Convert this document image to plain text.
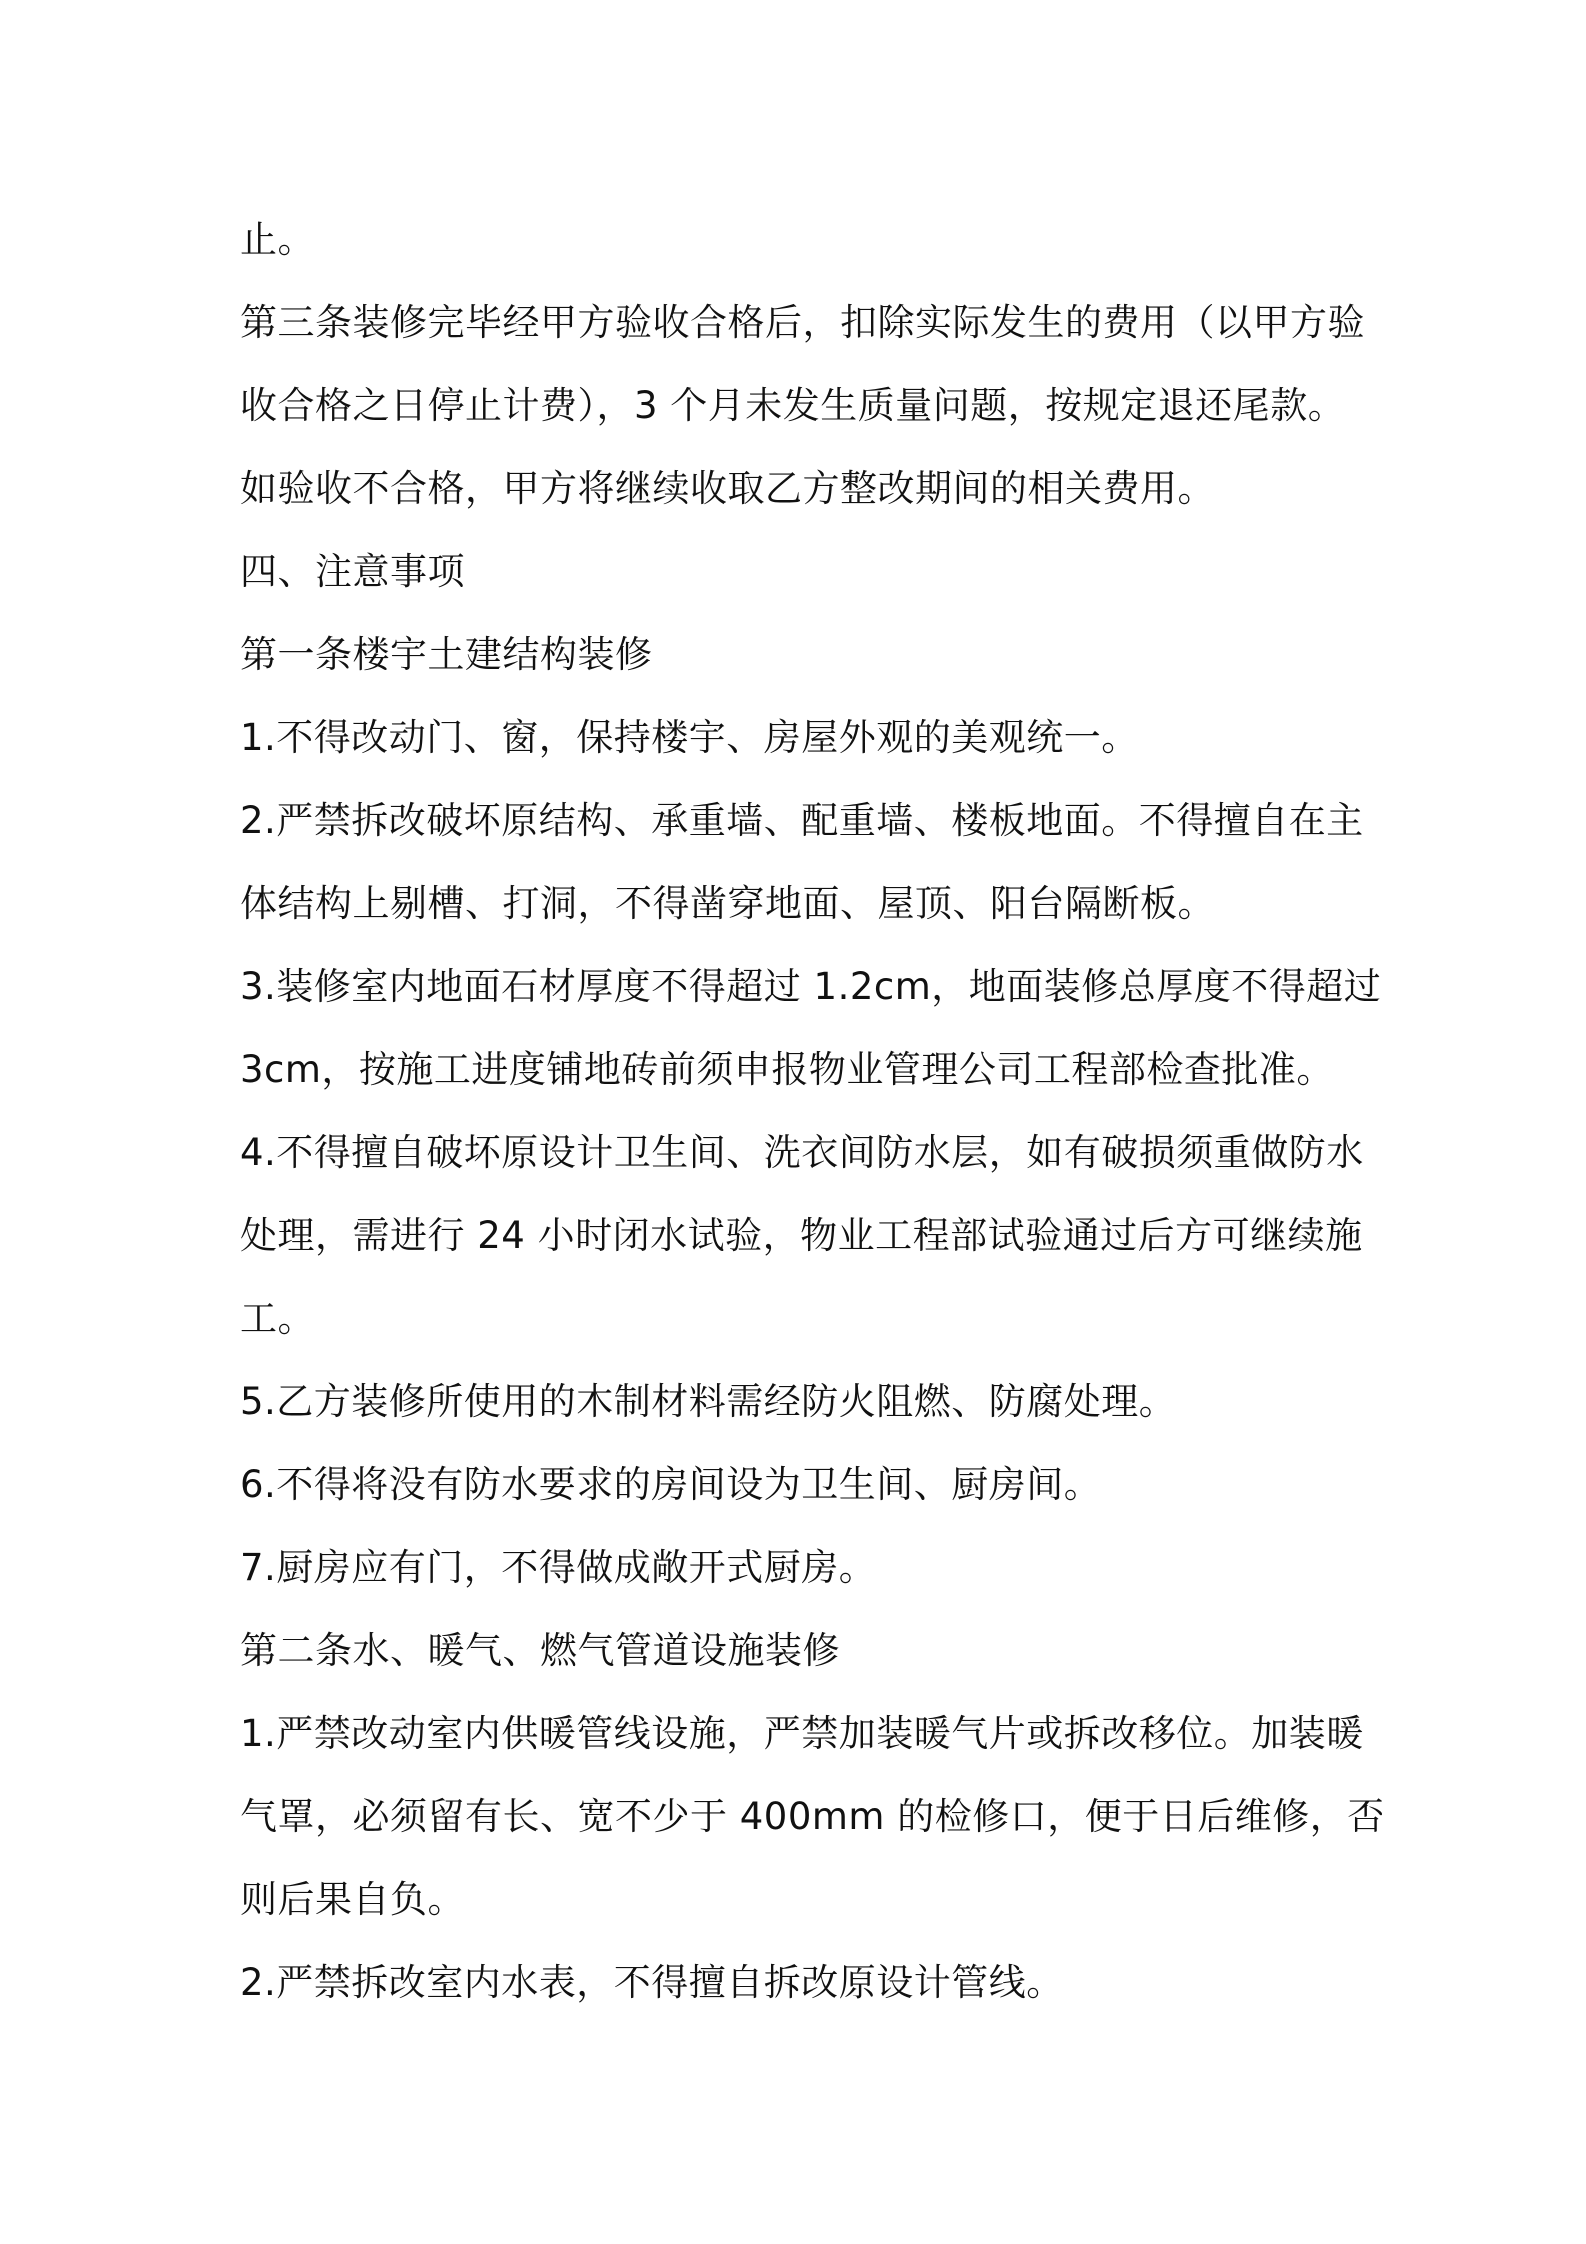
止。
第三条装修完毕经甲方验收合格后，扣除实际发生的费用（以甲方验
收合格之日停止计费），3 个月未发生质量问题，按规定退还尾款。
如验收不合格，甲方将继续收取乙方整改期间的相关费用。
四、注意事项
第一条楼宇土建结构装修
1.不得改动门、窗，保持楼宇、房屋外观的美观统一。
2.严禁拆改破坏原结构、承重墙、配重墙、楼板地面。不得擅自在主
体结构上剔槽、打洞，不得凿穿地面、屋顶、阳台隔断板。
3.装修室内地面石材厚度不得超过 1.2cm，地面装修总厚度不得超过
3cm，按施工进度铺地砖前须申报物业管理公司工程部检查批准。
4.不得擅自破坏原设计卫生间、洗衣间防水层，如有破损须重做防水
处理，需进行 24 小时闭水试验，物业工程部试验通过后方可继续施
工。
5.乙方装修所使用的木制材料需经防火阻燃、防腐处理。
6.不得将没有防水要求的房间设为卫生间、厨房间。
7.厨房应有门，不得做成敞开式厨房。
第二条水、暖气、燃气管道设施装修
1.严禁改动室内供暖管线设施，严禁加装暖气片或拆改移位。加装暖
气罩，必须留有长、宽不少于 400mm 的检修口，便于日后维修，否
则后果自负。
2.严禁拆改室内水表，不得擅自拆改原设计管线。
